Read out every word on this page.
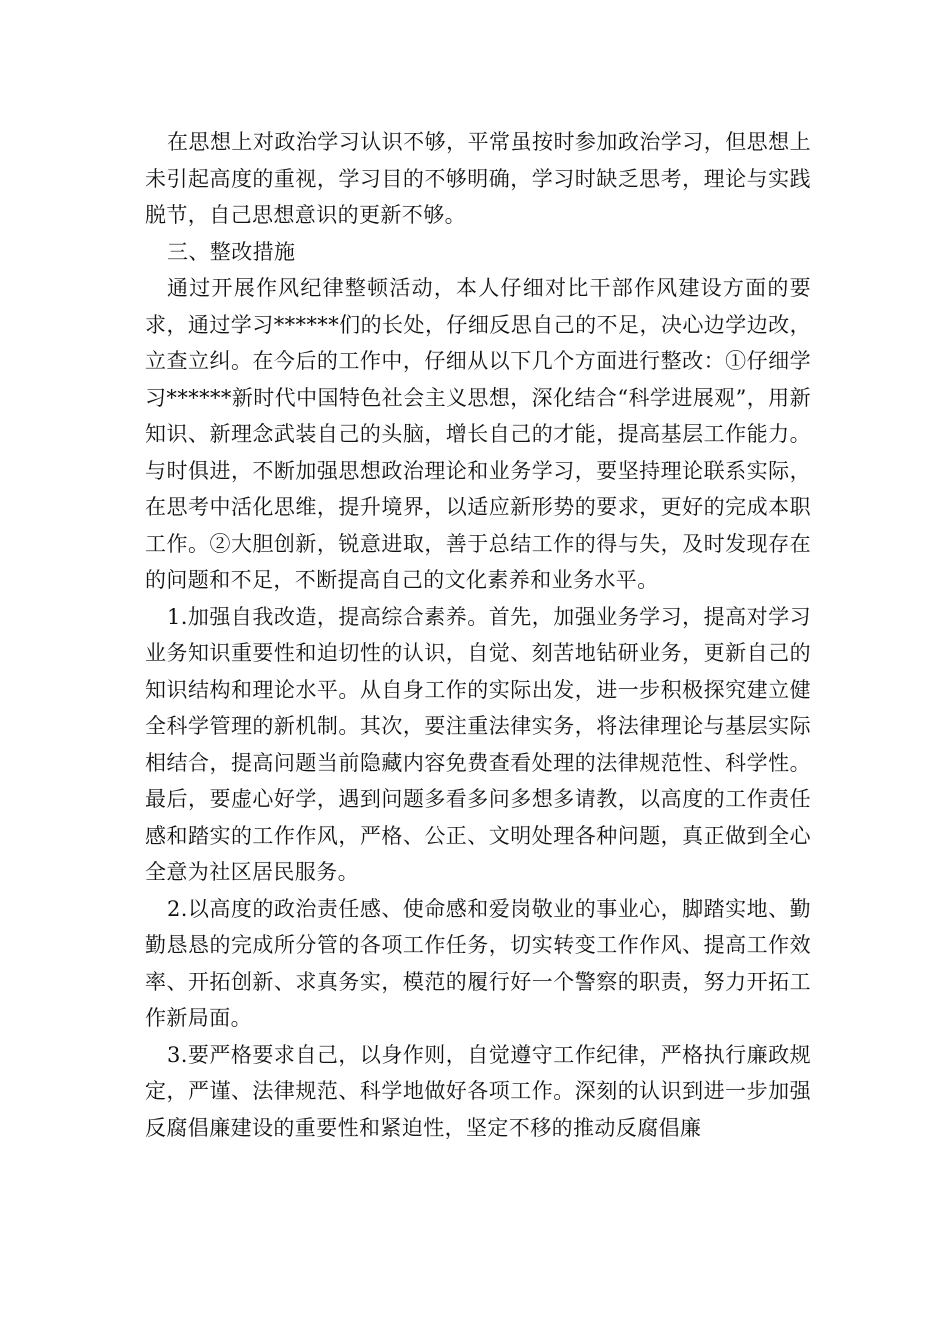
在思想上对政治学习认识不够，平常虽按时参加政治学习，但思想上未引起高度的重视，学习目的不够明确，学习时缺乏思考，理论与实践脱节，自己思想意识的更新不够。

三、整改措施

通过开展作风纪律整顿活动，本人仔细对比干部作风建设方面的要求，通过学习******们的长处，仔细反思自己的不足，决心边学边改，立查立纠。在今后的工作中，仔细从以下几个方面进行整改：①仔细学习******新时代中国特色社会主义思想，深化结合“科学进展观”，用新知识、新理念武装自己的头脑，增长自己的才能，提高基层工作能力。与时俱进，不断加强思想政治理论和业务学习，要坚持理论联系实际，在思考中活化思维，提升境界，以适应新形势的要求，更好的完成本职工作。②大胆创新，锐意进取，善于总结工作的得与失，及时发现存在的问题和不足，不断提高自己的文化素养和业务水平。

1.加强自我改造，提高综合素养。首先，加强业务学习，提高对学习业务知识重要性和迫切性的认识，自觉、刻苦地钻研业务，更新自己的知识结构和理论水平。从自身工作的实际出发，进一步积极探究建立健全科学管理的新机制。其次，要注重法律实务，将法律理论与基层实际相结合，提高问题当前隐藏内容免费查看处理的法律规范性、科学性。最后，要虚心好学，遇到问题多看多问多想多请教，以高度的工作责任感和踏实的工作作风，严格、公正、文明处理各种问题，真正做到全心全意为社区居民服务。

2.以高度的政治责任感、使命感和爱岗敬业的事业心，脚踏实地、勤勤恳恳的完成所分管的各项工作任务，切实转变工作作风、提高工作效率、开拓创新、求真务实，模范的履行好一个警察的职责，努力开拓工作新局面。

3.要严格要求自己，以身作则，自觉遵守工作纪律，严格执行廉政规定，严谨、法律规范、科学地做好各项工作。深刻的认识到进一步加强反腐倡廉建设的重要性和紧迫性，坚定不移的推动反腐倡廉
